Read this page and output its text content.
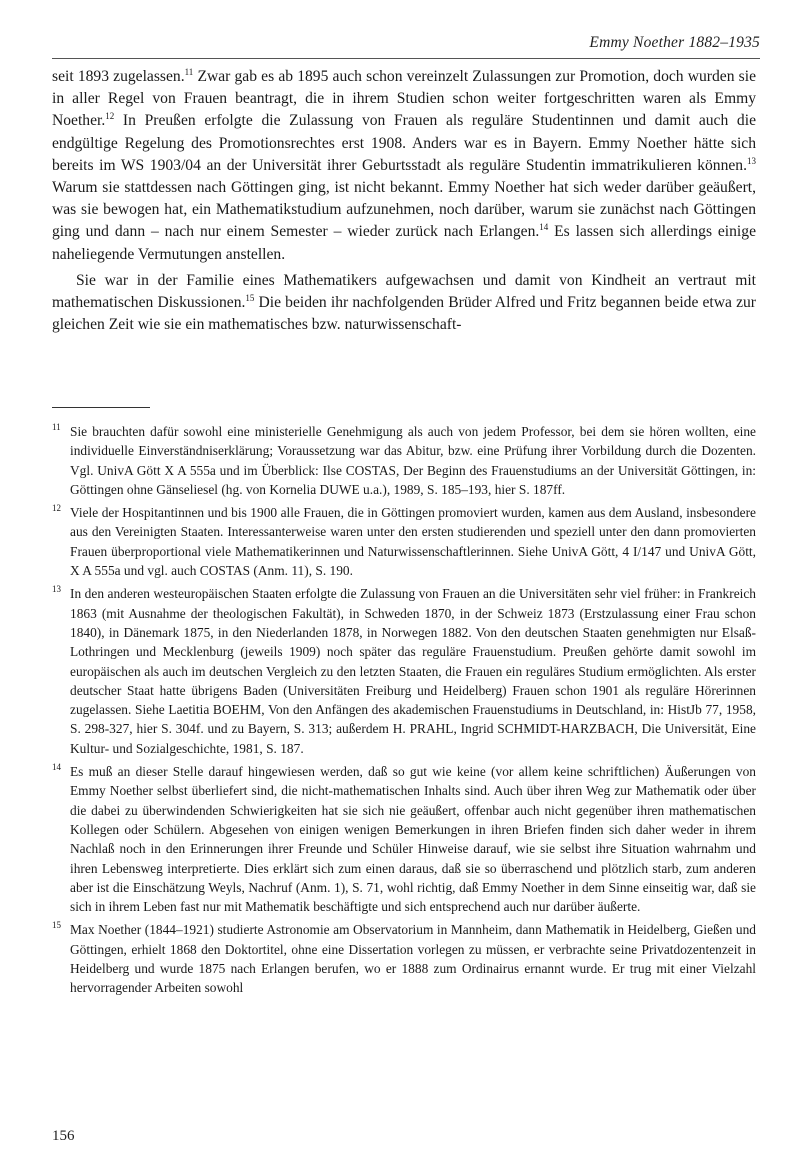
Emmy Noether 1882–1935

seit 1893 zugelassen.$^{11}$ Zwar gab es ab 1895 auch schon vereinzelt Zulassungen zur Promotion, doch wurden sie in aller Regel von Frauen beantragt, die in ihrem Studien schon weiter fortgeschritten waren als Emmy Noether.$^{12}$ In Preußen erfolgte die Zulassung von Frauen als reguläre Studentinnen und damit auch die endgültige Regelung des Promotionsrechtes erst 1908. Anders war es in Bayern. Emmy Noether hätte sich bereits im WS 1903/04 an der Universität ihrer Geburtsstadt als reguläre Studentin immatrikulieren können.$^{13}$ Warum sie stattdessen nach Göttingen ging, ist nicht bekannt. Emmy Noether hat sich weder darüber geäußert, was sie bewogen hat, ein Mathematikstudium aufzunehmen, noch darüber, warum sie zunächst nach Göttingen ging und dann – nach nur einem Semester – wieder zurück nach Erlangen.$^{14}$ Es lassen sich allerdings einige naheliegende Vermutungen anstellen.

Sie war in der Familie eines Mathematikers aufgewachsen und damit von Kindheit an vertraut mit mathematischen Diskussionen.$^{15}$ Die beiden ihr nachfolgenden Brüder Alfred und Fritz begannen beide etwa zur gleichen Zeit wie sie ein mathematisches bzw. naturwissenschaft-

11 Sie brauchten dafür sowohl eine ministerielle Genehmigung als auch von jedem Professor, bei dem sie hören wollten, eine individuelle Einverständniserklärung; Voraussetzung war das Abitur, bzw. eine Prüfung ihrer Vorbildung durch die Dozenten. Vgl. UnivA Gött X A 555a und im Überblick: Ilse COSTAS, Der Beginn des Frauenstudiums an der Universität Göttingen, in: Göttingen ohne Gänseliesel (hg. von Kornelia DUWE u.a.), 1989, S. 185–193, hier S. 187ff.
12 Viele der Hospitantinnen und bis 1900 alle Frauen, die in Göttingen promoviert wurden, kamen aus dem Ausland, insbesondere aus den Vereinigten Staaten. Interessanterweise waren unter den ersten studierenden und speziell unter den dann promovierten Frauen überproportional viele Mathematikerinnen und Naturwissenschaftlerinnen. Siehe UnivA Gött, 4 I/147 und UnivA Gött, X A 555a und vgl. auch COSTAS (Anm. 11), S. 190.
13 In den anderen westeuropäischen Staaten erfolgte die Zulassung von Frauen an die Universitäten sehr viel früher: in Frankreich 1863 (mit Ausnahme der theologischen Fakultät), in Schweden 1870, in der Schweiz 1873 (Erstzulassung einer Frau schon 1840), in Dänemark 1875, in den Niederlanden 1878, in Norwegen 1882. Von den deutschen Staaten genehmigten nur Elsaß-Lothringen und Mecklenburg (jeweils 1909) noch später das reguläre Frauenstudium. Preußen gehörte damit sowohl im europäischen als auch im deutschen Vergleich zu den letzten Staaten, die Frauen ein reguläres Studium ermöglichten. Als erster deutscher Staat hatte übrigens Baden (Universitäten Freiburg und Heidelberg) Frauen schon 1901 als reguläre Hörerinnen zugelassen. Siehe Laetitia BOEHM, Von den Anfängen des akademischen Frauenstudiums in Deutschland, in: HistJb 77, 1958, S. 298-327, hier S. 304f. und zu Bayern, S. 313; außerdem H. PRAHL, Ingrid SCHMIDT-HARZBACH, Die Universität, Eine Kultur- und Sozialgeschichte, 1981, S. 187.
14 Es muß an dieser Stelle darauf hingewiesen werden, daß so gut wie keine (vor allem keine schriftlichen) Äußerungen von Emmy Noether selbst überliefert sind, die nicht-mathematischen Inhalts sind. Auch über ihren Weg zur Mathematik oder über die dabei zu überwindenden Schwierigkeiten hat sie sich nie geäußert, offenbar auch nicht gegenüber ihren mathematischen Kollegen oder Schülern. Abgesehen von einigen wenigen Bemerkungen in ihren Briefen finden sich daher weder in ihrem Nachlaß noch in den Erinnerungen ihrer Freunde und Schüler Hinweise darauf, wie sie selbst ihre Situation wahrnahm und ihren Lebensweg interpretierte. Dies erklärt sich zum einen daraus, daß sie so überraschend und plötzlich starb, zum anderen aber ist die Einschätzung Weyls, Nachruf (Anm. 1), S. 71, wohl richtig, daß Emmy Noether in dem Sinne einseitig war, daß sie sich in ihrem Leben fast nur mit Mathematik beschäftigte und sich entsprechend auch nur darüber äußerte.
15 Max Noether (1844–1921) studierte Astronomie am Observatorium in Mannheim, dann Mathematik in Heidelberg, Gießen und Göttingen, erhielt 1868 den Doktortitel, ohne eine Dissertation vorlegen zu müssen, er verbrachte seine Privatdozentenzeit in Heidelberg und wurde 1875 nach Erlangen berufen, wo er 1888 zum Ordinairus ernannt wurde. Er trug mit einer Vielzahl hervorragender Arbeiten sowohl
156
